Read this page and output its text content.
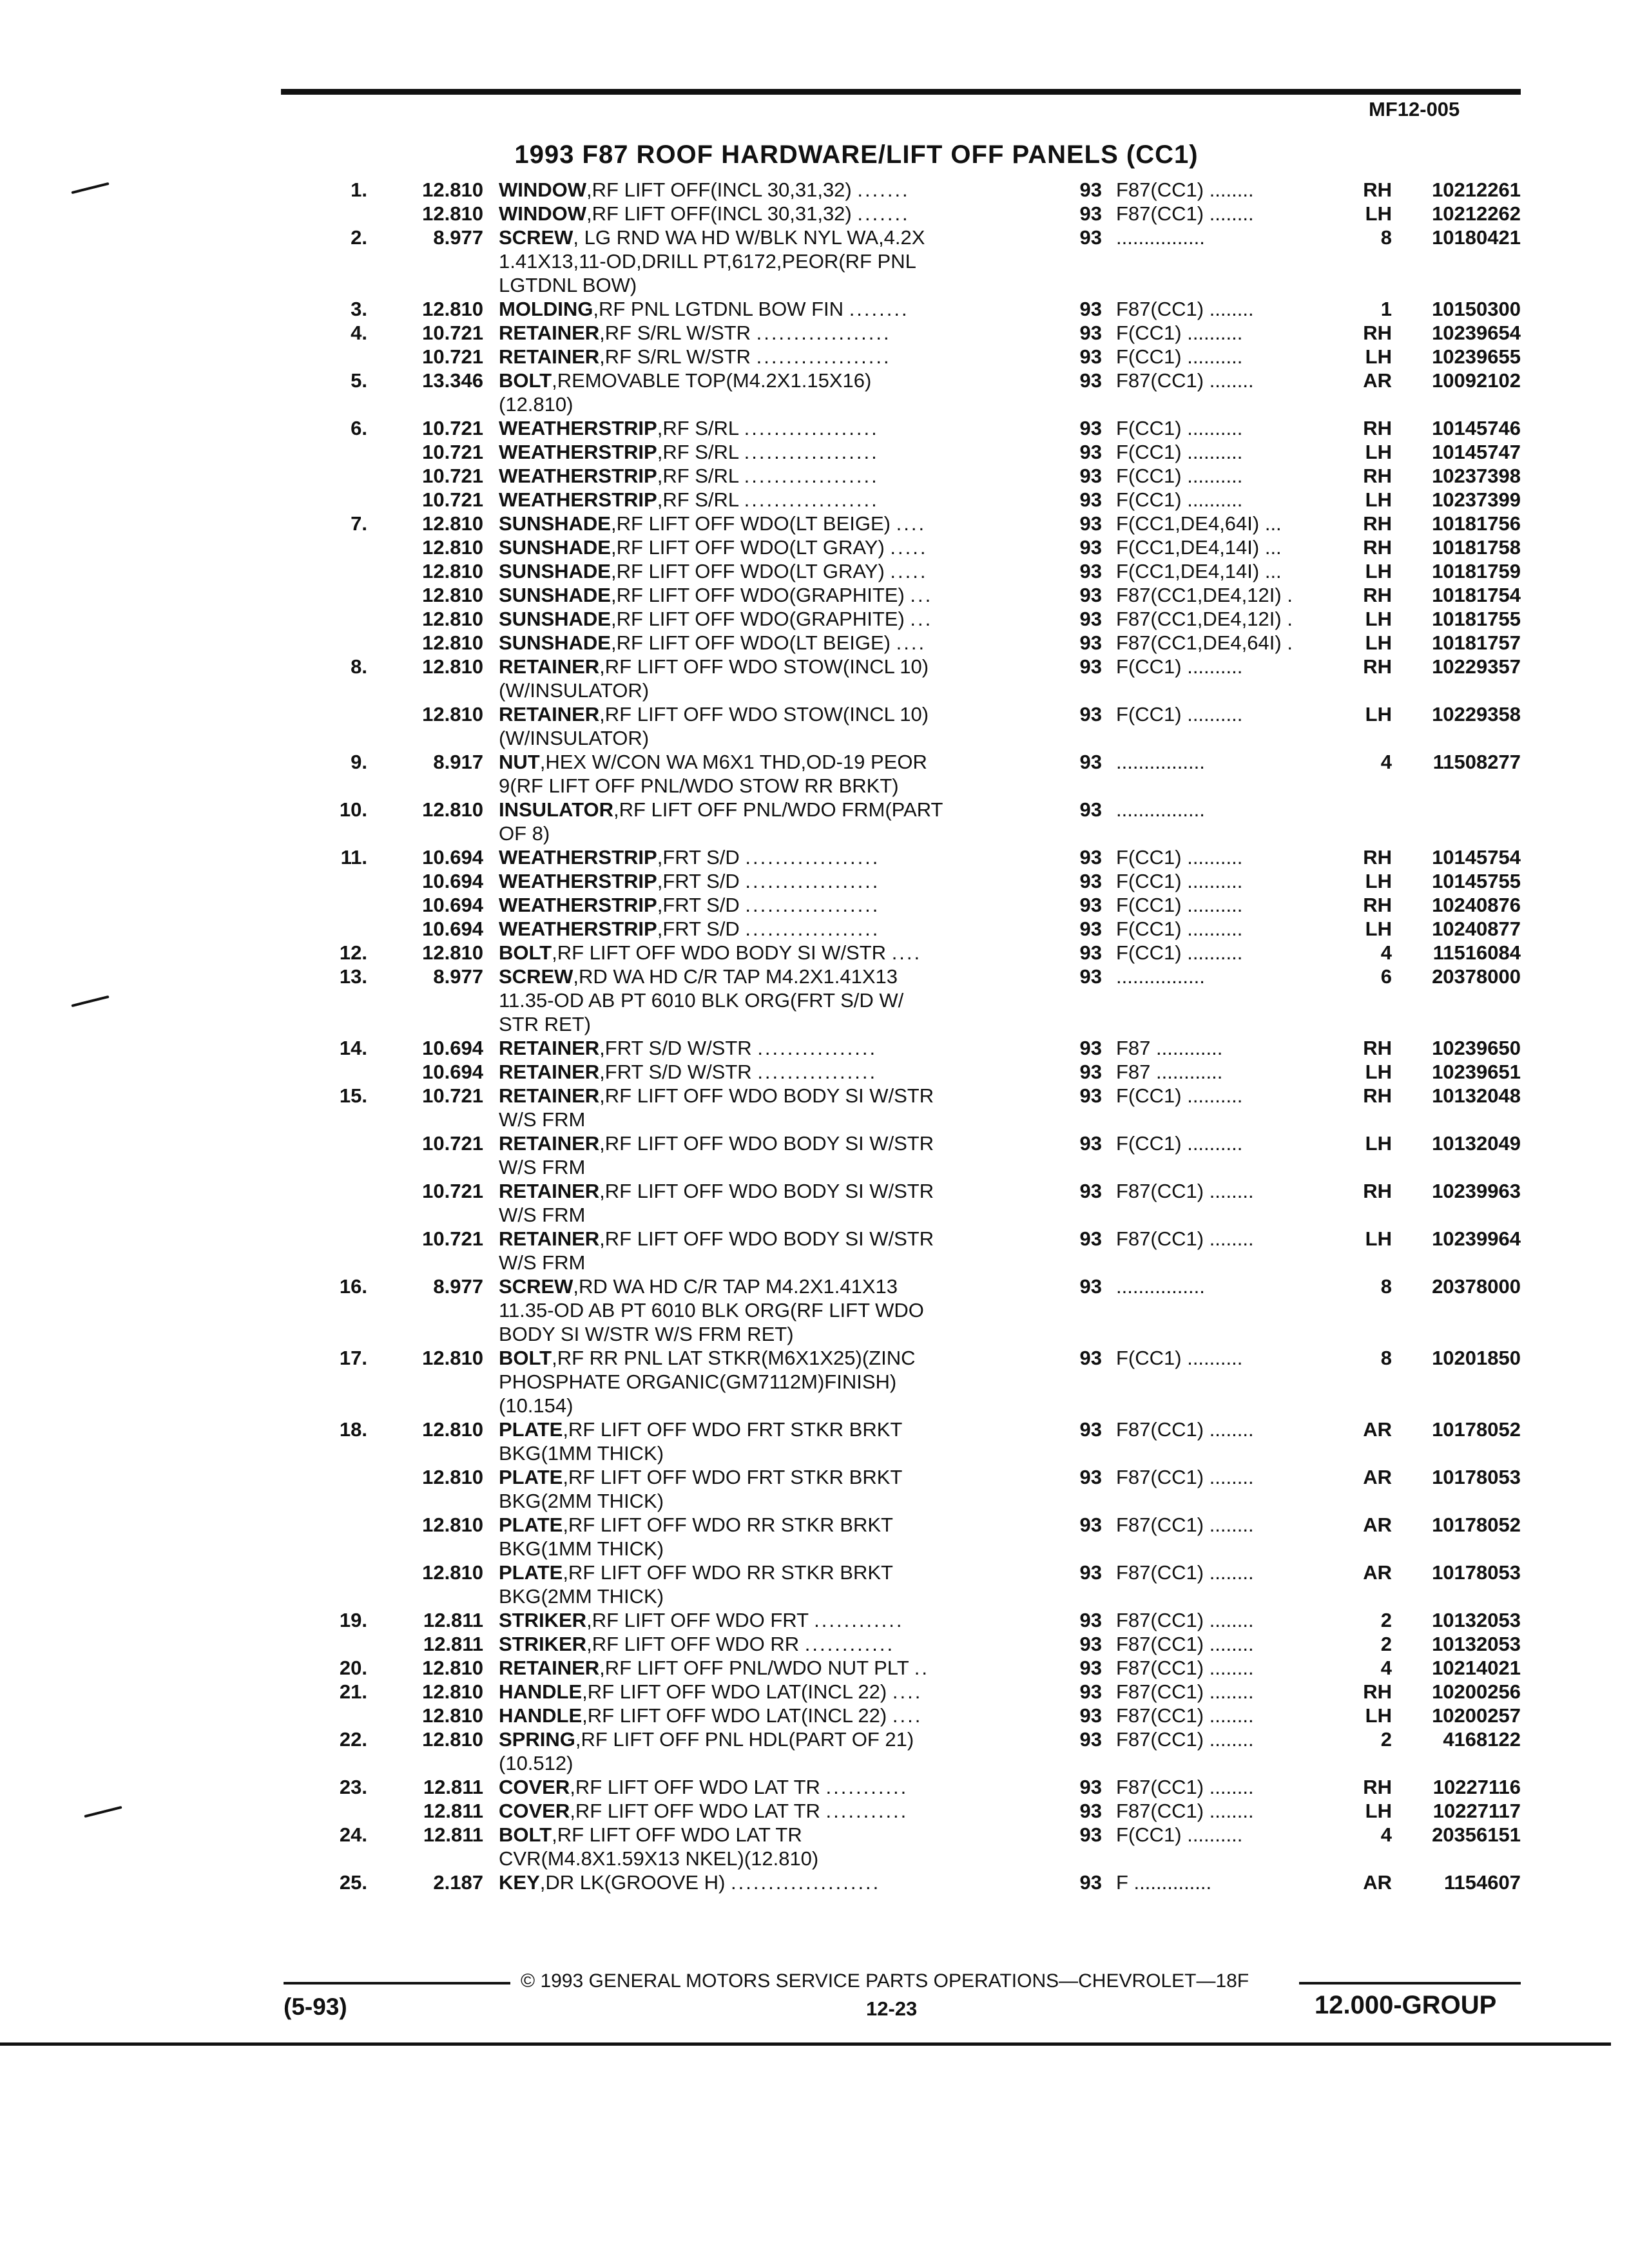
MF12-005
1993 F87 ROOF HARDWARE/LIFT OFF PANELS (CC1)
1.	12.810 WINDOW,RF LIFT OFF(INCL 30,31,32) .......	93 F87(CC1) ........	RH	10212261
12.810 WINDOW,RF LIFT OFF(INCL 30,31,32) .......	93 F87(CC1) ........	LH	10212262
2.	8.977 SCREW, LG RND WA HD W/BLK NYL WA,4.2X	93 ................	8	10180421
1.41X13,11-OD,DRILL PT,6172,PEOR(RF PNL
LGTDNL BOW)
3.	12.810 MOLDING,RF PNL LGTDNL BOW FIN ........	93 F87(CC1) ........	1	10150300
4.	10.721 RETAINER,RF S/RL W/STR ..................	93 F(CC1) ..........	RH	10239654
10.721 RETAINER,RF S/RL W/STR ..................	93 F(CC1) ..........	LH	10239655
5.	13.346 BOLT,REMOVABLE TOP(M4.2X1.15X16)	93 F87(CC1) ........	AR	10092102
(12.810)
6.	10.721 WEATHERSTRIP,RF S/RL ..................	93 F(CC1) ..........	RH	10145746
10.721 WEATHERSTRIP,RF S/RL ..................	93 F(CC1) ..........	LH	10145747
10.721 WEATHERSTRIP,RF S/RL ..................	93 F(CC1) ..........	RH	10237398
10.721 WEATHERSTRIP,RF S/RL ..................	93 F(CC1) ..........	LH	10237399
7.	12.810 SUNSHADE,RF LIFT OFF WDO(LT BEIGE) ....	93 F(CC1,DE4,64I) ...	RH	10181756
12.810 SUNSHADE,RF LIFT OFF WDO(LT GRAY) .....	93 F(CC1,DE4,14I) ...	RH	10181758
12.810 SUNSHADE,RF LIFT OFF WDO(LT GRAY) .....	93 F(CC1,DE4,14I) ...	LH	10181759
12.810 SUNSHADE,RF LIFT OFF WDO(GRAPHITE) ...	93 F87(CC1,DE4,12I) .	RH	10181754
12.810 SUNSHADE,RF LIFT OFF WDO(GRAPHITE) ...	93 F87(CC1,DE4,12I) .	LH	10181755
12.810 SUNSHADE,RF LIFT OFF WDO(LT BEIGE) ....	93 F87(CC1,DE4,64I) .	LH	10181757
8.	12.810 RETAINER,RF LIFT OFF WDO STOW(INCL 10)	93 F(CC1) ..........	RH	10229357
(W/INSULATOR)
12.810 RETAINER,RF LIFT OFF WDO STOW(INCL 10)	93 F(CC1) ..........	LH	10229358
(W/INSULATOR)
9.	8.917 NUT,HEX W/CON WA M6X1 THD,OD-19 PEOR	93 ................	4	11508277
9(RF LIFT OFF PNL/WDO STOW RR BRKT)
10.	12.810 INSULATOR,RF LIFT OFF PNL/WDO FRM(PART	93 ................
OF 8)
11.	10.694 WEATHERSTRIP,FRT S/D ..................	93 F(CC1) ..........	RH	10145754
10.694 WEATHERSTRIP,FRT S/D ..................	93 F(CC1) ..........	LH	10145755
10.694 WEATHERSTRIP,FRT S/D ..................	93 F(CC1) ..........	RH	10240876
10.694 WEATHERSTRIP,FRT S/D ..................	93 F(CC1) ..........	LH	10240877
12.	12.810 BOLT,RF LIFT OFF WDO BODY SI W/STR ....	93 F(CC1) ..........	4	11516084
13.	8.977 SCREW,RD WA HD C/R TAP M4.2X1.41X13	93 ................	6	20378000
11.35-OD AB PT 6010 BLK ORG(FRT S/D W/
STR RET)
14.	10.694 RETAINER,FRT S/D W/STR ................	93 F87 ............	RH	10239650
10.694 RETAINER,FRT S/D W/STR ................	93 F87 ............	LH	10239651
15.	10.721 RETAINER,RF LIFT OFF WDO BODY SI W/STR	93 F(CC1) ..........	RH	10132048
W/S FRM
10.721 RETAINER,RF LIFT OFF WDO BODY SI W/STR	93 F(CC1) ..........	LH	10132049
W/S FRM
10.721 RETAINER,RF LIFT OFF WDO BODY SI W/STR	93 F87(CC1) ........	RH	10239963
W/S FRM
10.721 RETAINER,RF LIFT OFF WDO BODY SI W/STR	93 F87(CC1) ........	LH	10239964
W/S FRM
16.	8.977 SCREW,RD WA HD C/R TAP M4.2X1.41X13	93 ................	8	20378000
11.35-OD AB PT 6010 BLK ORG(RF LIFT WDO
BODY SI W/STR W/S FRM RET)
17.	12.810 BOLT,RF RR PNL LAT STKR(M6X1X25)(ZINC	93 F(CC1) ..........	8	10201850
PHOSPHATE ORGANIC(GM7112M)FINISH)
(10.154)
18.	12.810 PLATE,RF LIFT OFF WDO FRT STKR BRKT	93 F87(CC1) ........	AR	10178052
BKG(1MM THICK)
12.810 PLATE,RF LIFT OFF WDO FRT STKR BRKT	93 F87(CC1) ........	AR	10178053
BKG(2MM THICK)
12.810 PLATE,RF LIFT OFF WDO RR STKR BRKT	93 F87(CC1) ........	AR	10178052
BKG(1MM THICK)
12.810 PLATE,RF LIFT OFF WDO RR STKR BRKT	93 F87(CC1) ........	AR	10178053
BKG(2MM THICK)
19.	12.811 STRIKER,RF LIFT OFF WDO FRT ............	93 F87(CC1) ........	2	10132053
12.811 STRIKER,RF LIFT OFF WDO RR ............	93 F87(CC1) ........	2	10132053
20.	12.810 RETAINER,RF LIFT OFF PNL/WDO NUT PLT ..	93 F87(CC1) ........	4	10214021
21.	12.810 HANDLE,RF LIFT OFF WDO LAT(INCL 22) ....	93 F87(CC1) ........	RH	10200256
12.810 HANDLE,RF LIFT OFF WDO LAT(INCL 22) ....	93 F87(CC1) ........	LH	10200257
22.	12.810 SPRING,RF LIFT OFF PNL HDL(PART OF 21)	93 F87(CC1) ........	2	4168122
(10.512)
23.	12.811 COVER,RF LIFT OFF WDO LAT TR ...........	93 F87(CC1) ........	RH	10227116
12.811 COVER,RF LIFT OFF WDO LAT TR ...........	93 F87(CC1) ........	LH	10227117
24.	12.811 BOLT,RF LIFT OFF WDO LAT TR	93 F(CC1) ..........	4	20356151
CVR(M4.8X1.59X13 NKEL)(12.810)
25.	2.187 KEY,DR LK(GROOVE H) ....................	93 F ..............	AR	1154607
© 1993 GENERAL MOTORS SERVICE PARTS OPERATIONS—CHEVROLET—18F
(5-93)	12-23	12.000-GROUP
